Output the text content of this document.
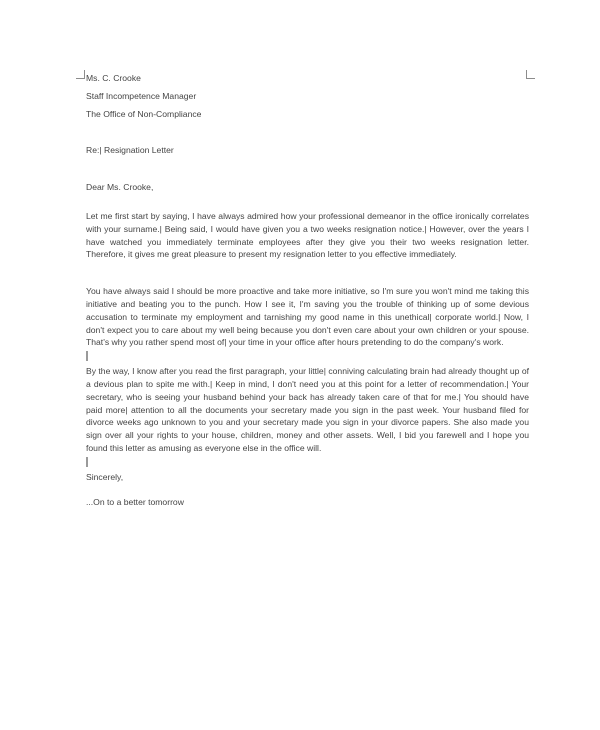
Ms. C. Crooke

Staff Incompetence Manager

The Office of Non-Compliance

Re:| Resignation Letter

Dear Ms. Crooke,

Let me first start by saying, I have always admired how your professional demeanor in the office ironically correlates with your surname.| Being said, I would have given you a two weeks resignation notice.| However, over the years I have watched you immediately terminate employees after they give you their two weeks resignation letter. Therefore, it gives me great pleasure to present my resignation letter to you effective immediately.

You have always said I should be more proactive and take more initiative, so I'm sure you won't mind me taking this initiative and beating you to the punch. How I see it, I'm saving you the trouble of thinking up of some devious accusation to terminate my employment and tarnishing my good name in this unethical| corporate world.| Now, I don't expect you to care about my well being because you don't even care about your own children or your spouse. That's why you rather spend most of| your time in your office after hours pretending to do the company's work.

By the way, I know after you read the first paragraph, your little| conniving calculating brain had already thought up of a devious plan to spite me with.| Keep in mind, I don't need you at this point for a letter of recommendation.| Your secretary, who is seeing your husband behind your back has already taken care of that for me.| You should have paid more| attention to all the documents your secretary made you sign in the past week. Your husband filed for divorce weeks ago unknown to you and your secretary made you sign in your divorce papers. She also made you sign over all your rights to your house, children, money and other assets. Well, I bid you farewell and I hope you found this letter as amusing as everyone else in the office will.

Sincerely,

...On to a better tomorrow
